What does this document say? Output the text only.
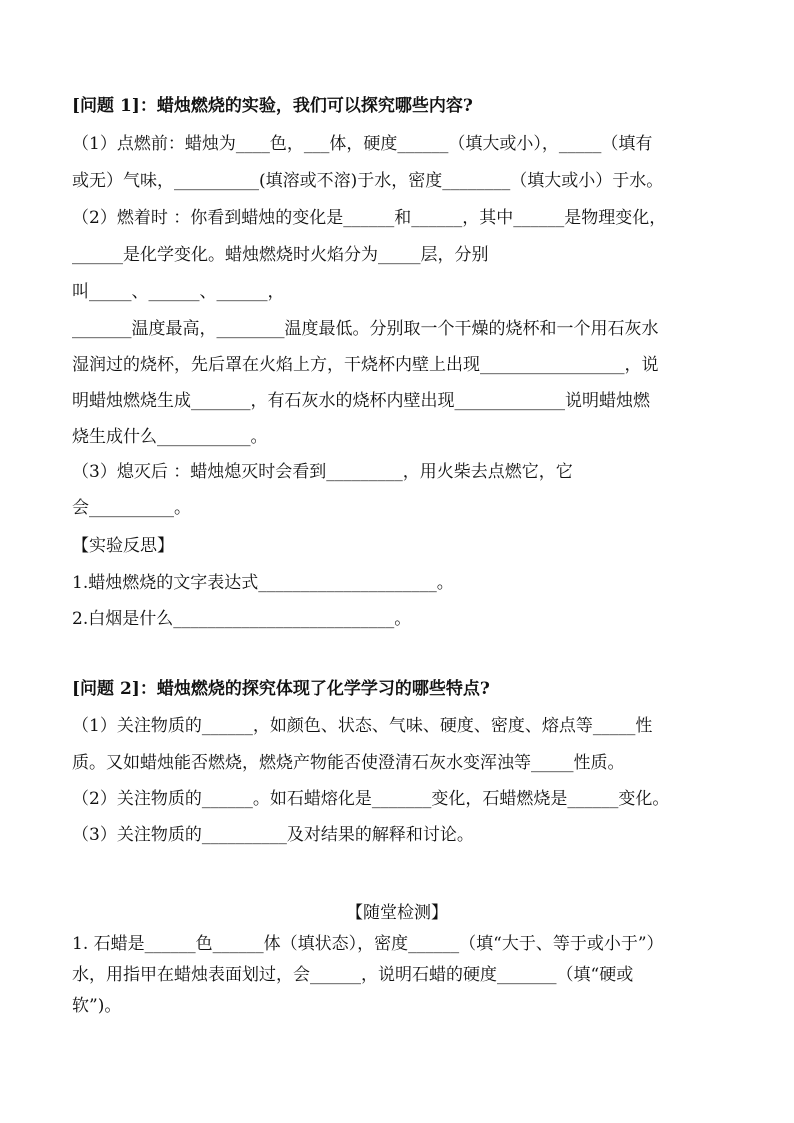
[问题 1]：蜡烛燃烧的实验，我们可以探究哪些内容?
（1）点燃前：蜡烛为____色，___体，硬度______（填大或小），_____（填有
或无）气味，__________(填溶或不溶)于水，密度________（填大或小）于水。
（2）燃着时 ：你看到蜡烛的变化是______和______，其中______是物理变化，
______是化学变化。蜡烛燃烧时火焰分为_____层，分别
叫_____、______、______，
_______温度最高，________温度最低。分别取一个干燥的烧杯和一个用石灰水
湿润过的烧杯，先后罩在火焰上方，干烧杯内壁上出现_________________，说
明蜡烛燃烧生成_______，有石灰水的烧杯内壁出现_____________说明蜡烛燃
烧生成什么___________。
（3）熄灭后 ：蜡烛熄灭时会看到_________，用火柴去点燃它，它
会__________。
【实验反思】
1.蜡烛燃烧的文字表达式_____________________。
2.白烟是什么__________________________。
[问题 2]：蜡烛燃烧的探究体现了化学学习的哪些特点?
（1）关注物质的______，如颜色、状态、气味、硬度、密度、熔点等_____性
质。又如蜡烛能否燃烧，燃烧产物能否使澄清石灰水变浑浊等_____性质。
（2）关注物质的______。如石蜡熔化是_______变化，石蜡燃烧是______变化。
（3）关注物质的__________及对结果的解释和讨论。
【随堂检测】
1. 石蜡是______色______体（填状态），密度______（填“大于、等于或小于”）
水，用指甲在蜡烛表面划过，会______，说明石蜡的硬度_______（填“硬或
软”)。
